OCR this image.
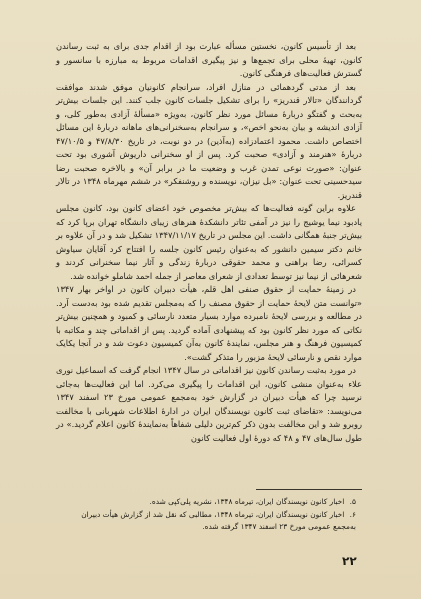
بعد از تأسیس کانون، نخستین مسأله عبارت بود از اقدام جدی برای به ثبت رساندن کانون، تهیهٔ محلی برای تجمع‌ها و نیز پیگیری اقدامات مربوط به مبارزه با سانسور و گسترش فعالیت‌های فرهنگی کانون.

بعد از مدتی گردهمائی در منازل افراد، سرانجام کانونیان موفق شدند موافقت گردانندگان «تالار قندریز» را برای تشکیل جلسات کانون جلب کنند. این جلسات بیش‌تر به‌بحث و گفتگو دربارهٔ مسائل مورد نظر کانون، به‌ویژه «مسألهٔ آزادی به‌طور کلی، و آزادی اندیشه و بیان به‌نحو اخص»، و سرانجام به‌سخنرانی‌های ماهانه دربارهٔ این مسائل اختصاص داشت. محمود اعتمادزاده (به‌آذین) در دو نوبت، در تاریخ ۴۷/۸/۳۰ و ۴۷/۱۰/۵ دربارهٔ «هنرمند و آزادی» صحبت کرد. پس از او سخنرانی داریوش آشوری بود تحت عنوان: «صورت نوعی تمدن غرب و وضعیت ما در برابر آن» و بالاخره صحبت رضا سیدحسینی تحت عنوان: «بل نیزان، نویسنده و روشنفکر» در ششم مهرماه ۱۳۴۸ در تالار قندریز.

علاوه براین گونه فعالیت‌ها که بیش‌تر مخصوص خود اعضای کانون بود، کانون مجلس یادبود نیما یوشیج را نیز در آمفی تئاتر دانشکدهٔ هنرهای زیبای دانشگاه تهران برپا کرد که بیش‌تر جنبهٔ همگانی داشت. این مجلس در تاریخ ۱۳۴۷/۱۱/۱۷ تشکیل شد و در آن علاوه بر خانم دکتر سیمین دانشور که به‌عنوان رئیس کانون جلسه را افتتاح کرد آقایان سیاوش کسرائی، رضا براهنی و محمد حقوقی دربارهٔ زندگی و آثار نیما سخنرانی کردند و شعرهائی از نیما نیز توسط تعدادی از شعرای معاصر از جمله احمد شاملو خوانده شد.

در زمینهٔ حمایت از حقوق صنفی اهل قلم، هیأت دبیران کانون در اواخر بهار ۱۳۴۷ «توانست متن لایحهٔ حمایت از حقوق مصنف را که به‌مجلس تقدیم شده بود به‌دست آرد. در مطالعه و بررسی لایحهٔ نامبرده موارد بسیار متعدد نارسائی و کمبود و همچنین بیش‌تر نکاتی که مورد نظر کانون بود که پیشنهادی آماده گردید. پس از اقداماتی چند و مکاتبه با کمیسیون فرهنگ و هنر مجلس، نمایندهٔ کانون به‌آن کمیسیون دعوت شد و در آنجا یکایک موارد نقص و نارسائی لایحهٔ مزبور را متذکر گشت».

در مورد به‌ثبت رساندن کانون نیز اقداماتی در سال ۱۳۴۷ انجام گرفت که اسماعیل نوری علاء به‌عنوان منشی کانون، این اقدامات را پیگیری می‌کرد. اما این فعالیت‌ها به‌جائی نرسید چرا که هیأت دبیران در گزارش خود به‌مجمع عمومی مورخ ۲۳ اسفند ۱۳۴۷ می‌نویسد: «تقاضای ثبت کانون نویسندگان ایران در ادارهٔ اطلاعات شهربانی با مخالفت روبرو شد و این مخالفت بدون ذکر کم‌ترین دلیلی شفاهاً به‌نمایندهٔ کانون اعلام گردید.» در طول سال‌های ۴۷ و ۴۸ که دورهٔ اول فعالیت کانون

۵. اخبار کانون نویسندگان ایران، تیرماه ۱۳۴۸، نشریه پلی‌کپی شده.

۶. اخبار کانون نویسندگان ایران، تیرماه ۱۳۴۸، مطالبی که نقل شد از گزارش هیأت دبیران به‌مجمع عمومی مورخ ۲۳ اسفند ۱۳۴۷ گرفته شده.

۲۲
